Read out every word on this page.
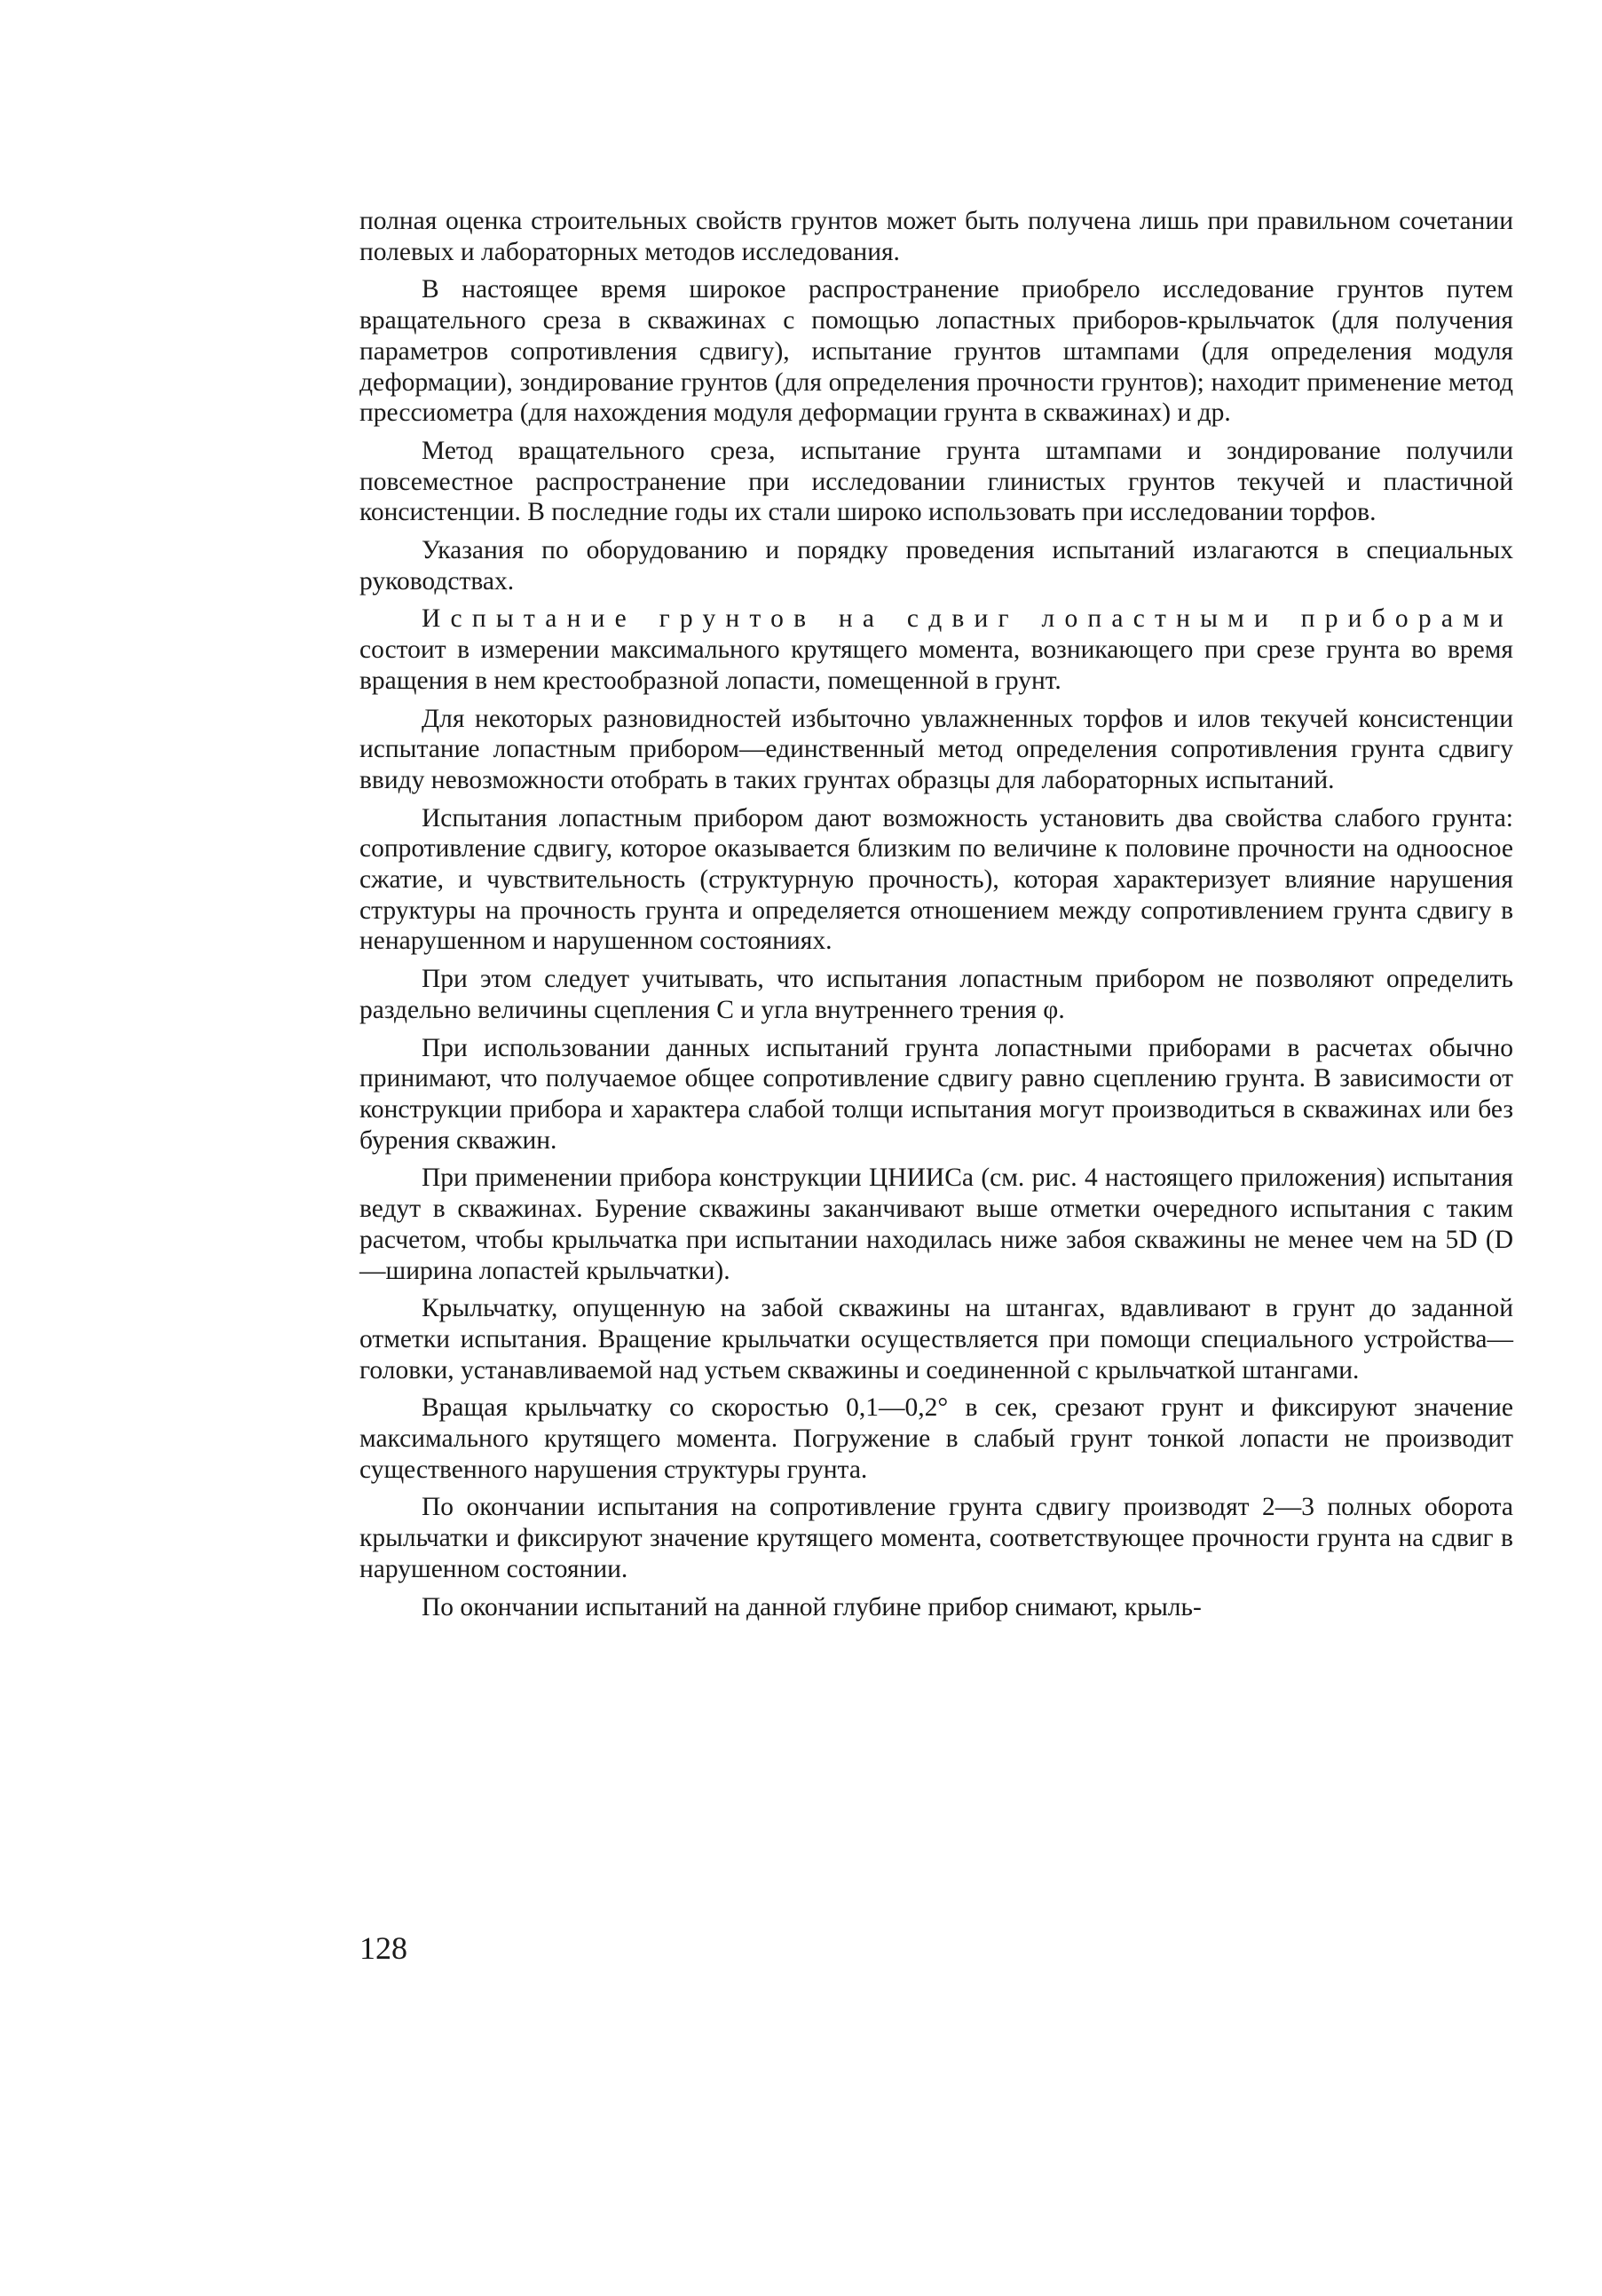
полная оценка строительных свойств грунтов может быть получена лишь при правильном сочетании полевых и лабораторных методов исследования.

В настоящее время широкое распространение приобрело исследование грунтов путем вращательного среза в скважинах с помощью лопастных приборов-крыльчаток (для получения параметров сопротивления сдвигу), испытание грунтов штампами (для определения модуля деформации), зондирование грунтов (для определения прочности грунтов); находит применение метод прессиометра (для нахождения модуля деформации грунта в скважинах) и др.

Метод вращательного среза, испытание грунта штампами и зондирование получили повсеместное распространение при исследовании глинистых грунтов текучей и пластичной консистенции. В последние годы их стали широко использовать при исследовании торфов.

Указания по оборудованию и порядку проведения испытаний излагаются в специальных руководствах.

Испытание грунтов на сдвиг лопастными приборами состоит в измерении максимального крутящего момента, возникающего при срезе грунта во время вращения в нем крестообразной лопасти, помещенной в грунт.

Для некоторых разновидностей избыточно увлажненных торфов и илов текучей консистенции испытание лопастным прибором—единственный метод определения сопротивления грунта сдвигу ввиду невозможности отобрать в таких грунтах образцы для лабораторных испытаний.

Испытания лопастным прибором дают возможность установить два свойства слабого грунта: сопротивление сдвигу, которое оказывается близким по величине к половине прочности на одноосное сжатие, и чувствительность (структурную прочность), которая характеризует влияние нарушения структуры на прочность грунта и определяется отношением между сопротивлением грунта сдвигу в ненарушенном и нарушенном состояниях.

При этом следует учитывать, что испытания лопастным прибором не позволяют определить раздельно величины сцепления C и угла внутреннего трения φ.

При использовании данных испытаний грунта лопастными приборами в расчетах обычно принимают, что получаемое общее сопротивление сдвигу равно сцеплению грунта. В зависимости от конструкции прибора и характера слабой толщи испытания могут производиться в скважинах или без бурения скважин.

При применении прибора конструкции ЦНИИСа (см. рис. 4 настоящего приложения) испытания ведут в скважинах. Бурение скважины заканчивают выше отметки очередного испытания с таким расчетом, чтобы крыльчатка при испытании находилась ниже забоя скважины не менее чем на 5D (D—ширина лопастей крыльчатки).

Крыльчатку, опущенную на забой скважины на штангах, вдавливают в грунт до заданной отметки испытания. Вращение крыльчатки осуществляется при помощи специального устройства—головки, устанавливаемой над устьем скважины и соединенной с крыльчаткой штангами.

Вращая крыльчатку со скоростью 0,1—0,2° в сек, срезают грунт и фиксируют значение максимального крутящего момента. Погружение в слабый грунт тонкой лопасти не производит существенного нарушения структуры грунта.

По окончании испытания на сопротивление грунта сдвигу производят 2—3 полных оборота крыльчатки и фиксируют значение крутящего момента, соответствующее прочности грунта на сдвиг в нарушенном состоянии.

По окончании испытаний на данной глубине прибор снимают, крыль-

128
